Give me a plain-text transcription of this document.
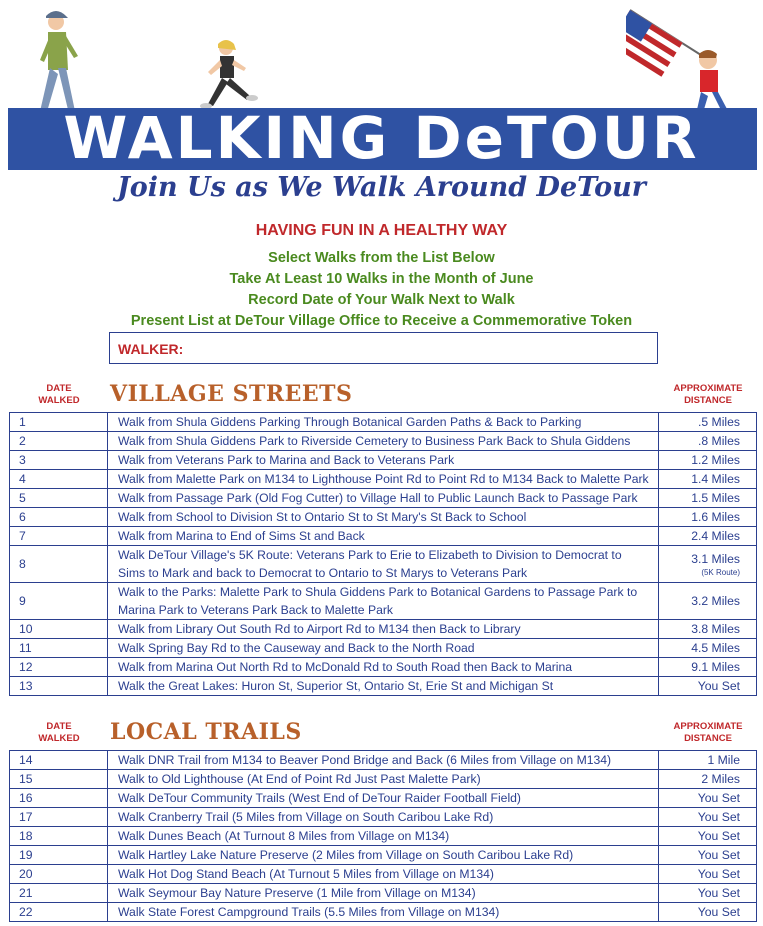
WALKING DeTOUR
Join Us as We Walk Around DeTour
HAVING FUN IN A HEALTHY WAY
Select Walks from the List Below
Take At Least 10 Walks in the Month of June
Record Date of Your Walk Next to Walk
Present List at DeTour Village Office to Receive a Commemorative Token
WALKER:
DATE
WALKED	VILLAGE STREETS	APPROXIMATE
DISTANCE
1	Walk from Shula Giddens Parking Through Botanical Garden Paths & Back to Parking	.5 Miles
2	Walk from Shula Giddens Park to Riverside Cemetery to Business Park Back to Shula Giddens	.8 Miles
3	Walk from Veterans Park to Marina and Back to Veterans Park	1.2 Miles
4	Walk from Malette Park on M134 to Lighthouse Point Rd to Point Rd to M134 Back to Malette Park	1.4 Miles
5	Walk from Passage Park (Old Fog Cutter) to Village Hall to Public Launch Back to Passage Park	1.5 Miles
6	Walk from School to Division St to Ontario St to St Mary's St Back to School	1.6 Miles
7	Walk from Marina to End of Sims St and Back	2.4 Miles
8	Walk DeTour Village's 5K Route: Veterans Park to Erie to Elizabeth to Division to Democrat to Sims to Mark and back to Democrat to Ontario to St Marys to Veterans Park	3.1 Miles
(5K Route)

9	Walk to the Parks: Malette Park to Shula Giddens Park to Botanical Gardens to Passage Park to Marina Park to Veterans Park Back to Malette Park	3.2 Miles
10	Walk from Library Out South Rd to Airport Rd to M134 then Back to Library	3.8 Miles
11	Walk Spring Bay Rd to the Causeway and Back to the North Road	4.5 Miles
12	Walk from Marina Out North Rd to McDonald Rd to South Road then Back to Marina	9.1 Miles
13	Walk the Great Lakes: Huron St, Superior St, Ontario St, Erie St and Michigan St	You Set
DATE
WALKED	LOCAL TRAILS	APPROXIMATE
DISTANCE
14	Walk DNR Trail from M134 to Beaver Pond Bridge and Back (6 Miles from Village on M134)	1 Mile
15	Walk to Old Lighthouse (At End of Point Rd Just Past Malette Park)	2 Miles
16	Walk DeTour Community Trails (West End of DeTour Raider Football Field)	You Set
17	Walk Cranberry Trail (5 Miles from Village on South Caribou Lake Rd)	You Set
18	Walk Dunes Beach (At Turnout 8 Miles from Village on M134)	You Set
19	Walk Hartley Lake Nature Preserve (2 Miles from Village on South Caribou Lake Rd)	You Set
20	Walk Hot Dog Stand Beach (At Turnout 5 Miles from Village on M134)	You Set
21	Walk Seymour Bay Nature Preserve (1 Mile from Village on M134)	You Set
22	Walk State Forest Campground Trails (5.5 Miles from Village on M134)	You Set
